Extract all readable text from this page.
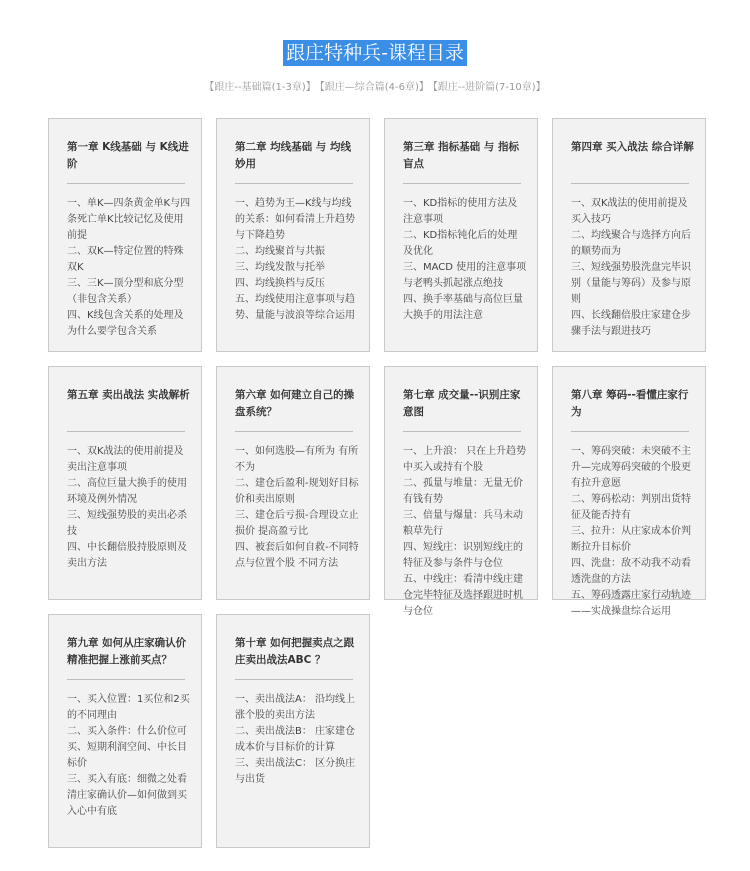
跟庄特种兵-课程目录
【跟庄--基础篇(1-3章)】 【跟庄—综合篇(4-6章)】 【跟庄--进阶篇(7-10章)】
第一章 K线基础 与 K线进阶
一、单K—四条黄金单K与四条死亡单K比较记忆及使用前提
二、双K—特定位置的特殊双K
三、三K—顶分型和底分型（非包含关系）
四、K线包含关系的处理及为什么要学包含关系
第二章 均线基础 与 均线妙用
一、趋势为王—K线与均线的关系：如何看清上升趋势与下降趋势
二、均线聚首与共振
三、均线发散与托举
四、均线换档与反压
五、均线使用注意事项与趋势、量能与波浪等综合运用
第三章 指标基础 与 指标盲点
一、KD指标的使用方法及注意事项
二、KD指标钝化后的处理及优化
三、MACD 使用的注意事项与老鸭头抓起涨点绝技
四、换手率基础与高位巨量大换手的用法注意
第四章 买入战法 综合详解
一、双K战法的使用前提及买入技巧
二、均线聚合与选择方向后的顺势而为
三、短线强势股洗盘完毕识别（量能与筹码）及参与原则
四、长线翻倍股庄家建仓步骤手法与跟进技巧
第五章 卖出战法 实战解析
一、双K战法的使用前提及卖出注意事项
二、高位巨量大换手的使用环境及例外情况
三、短线强势股的卖出必杀技
四、中长翻倍股持股原则及卖出方法
第六章 如何建立自己的操盘系统？
一、如何选股—有所为 有所不为
二、建仓后盈利-规划好目标价和卖出原则
三、建仓后亏损-合理设立止损价 提高盈亏比
四、被套后如何自救-不同特点与位置个股 不同方法
第七章 成交量--识别庄家意图
一、上升浪： 只在上升趋势中买入或持有个股
二、孤量与堆量：无量无价 有钱有势
三、倍量与爆量：兵马未动 粮草先行
四、短线庄：识别短线庄的特征及参与条件与仓位
五、中线庄：看清中线庄建仓完毕特征及选择跟进时机与仓位
第八章 筹码--看懂庄家行为
一、筹码突破：未突破不主升—完成筹码突破的个股更有拉升意愿
二、筹码松动：判别出货特征及能否持有
三、拉升：从庄家成本价判断拉升目标价
四、洗盘：敌不动我不动看透洗盘的方法
五、筹码透露庄家行动轨迹——实战操盘综合运用
第九章 如何从庄家确认价精准把握上涨前买点？
一、买入位置：1买位和2买的不同理由
二、买入条件：什么价位可买、短期利润空间、中长目标价
三、买入有底：细微之处看清庄家确认价—如何做到买入心中有底
第十章 如何把握卖点之跟庄卖出战法ABC ？
一、卖出战法A： 沿均线上涨个股的卖出方法
二、卖出战法B： 庄家建仓成本价与目标价的计算
三、卖出战法C： 区分换庄与出货
